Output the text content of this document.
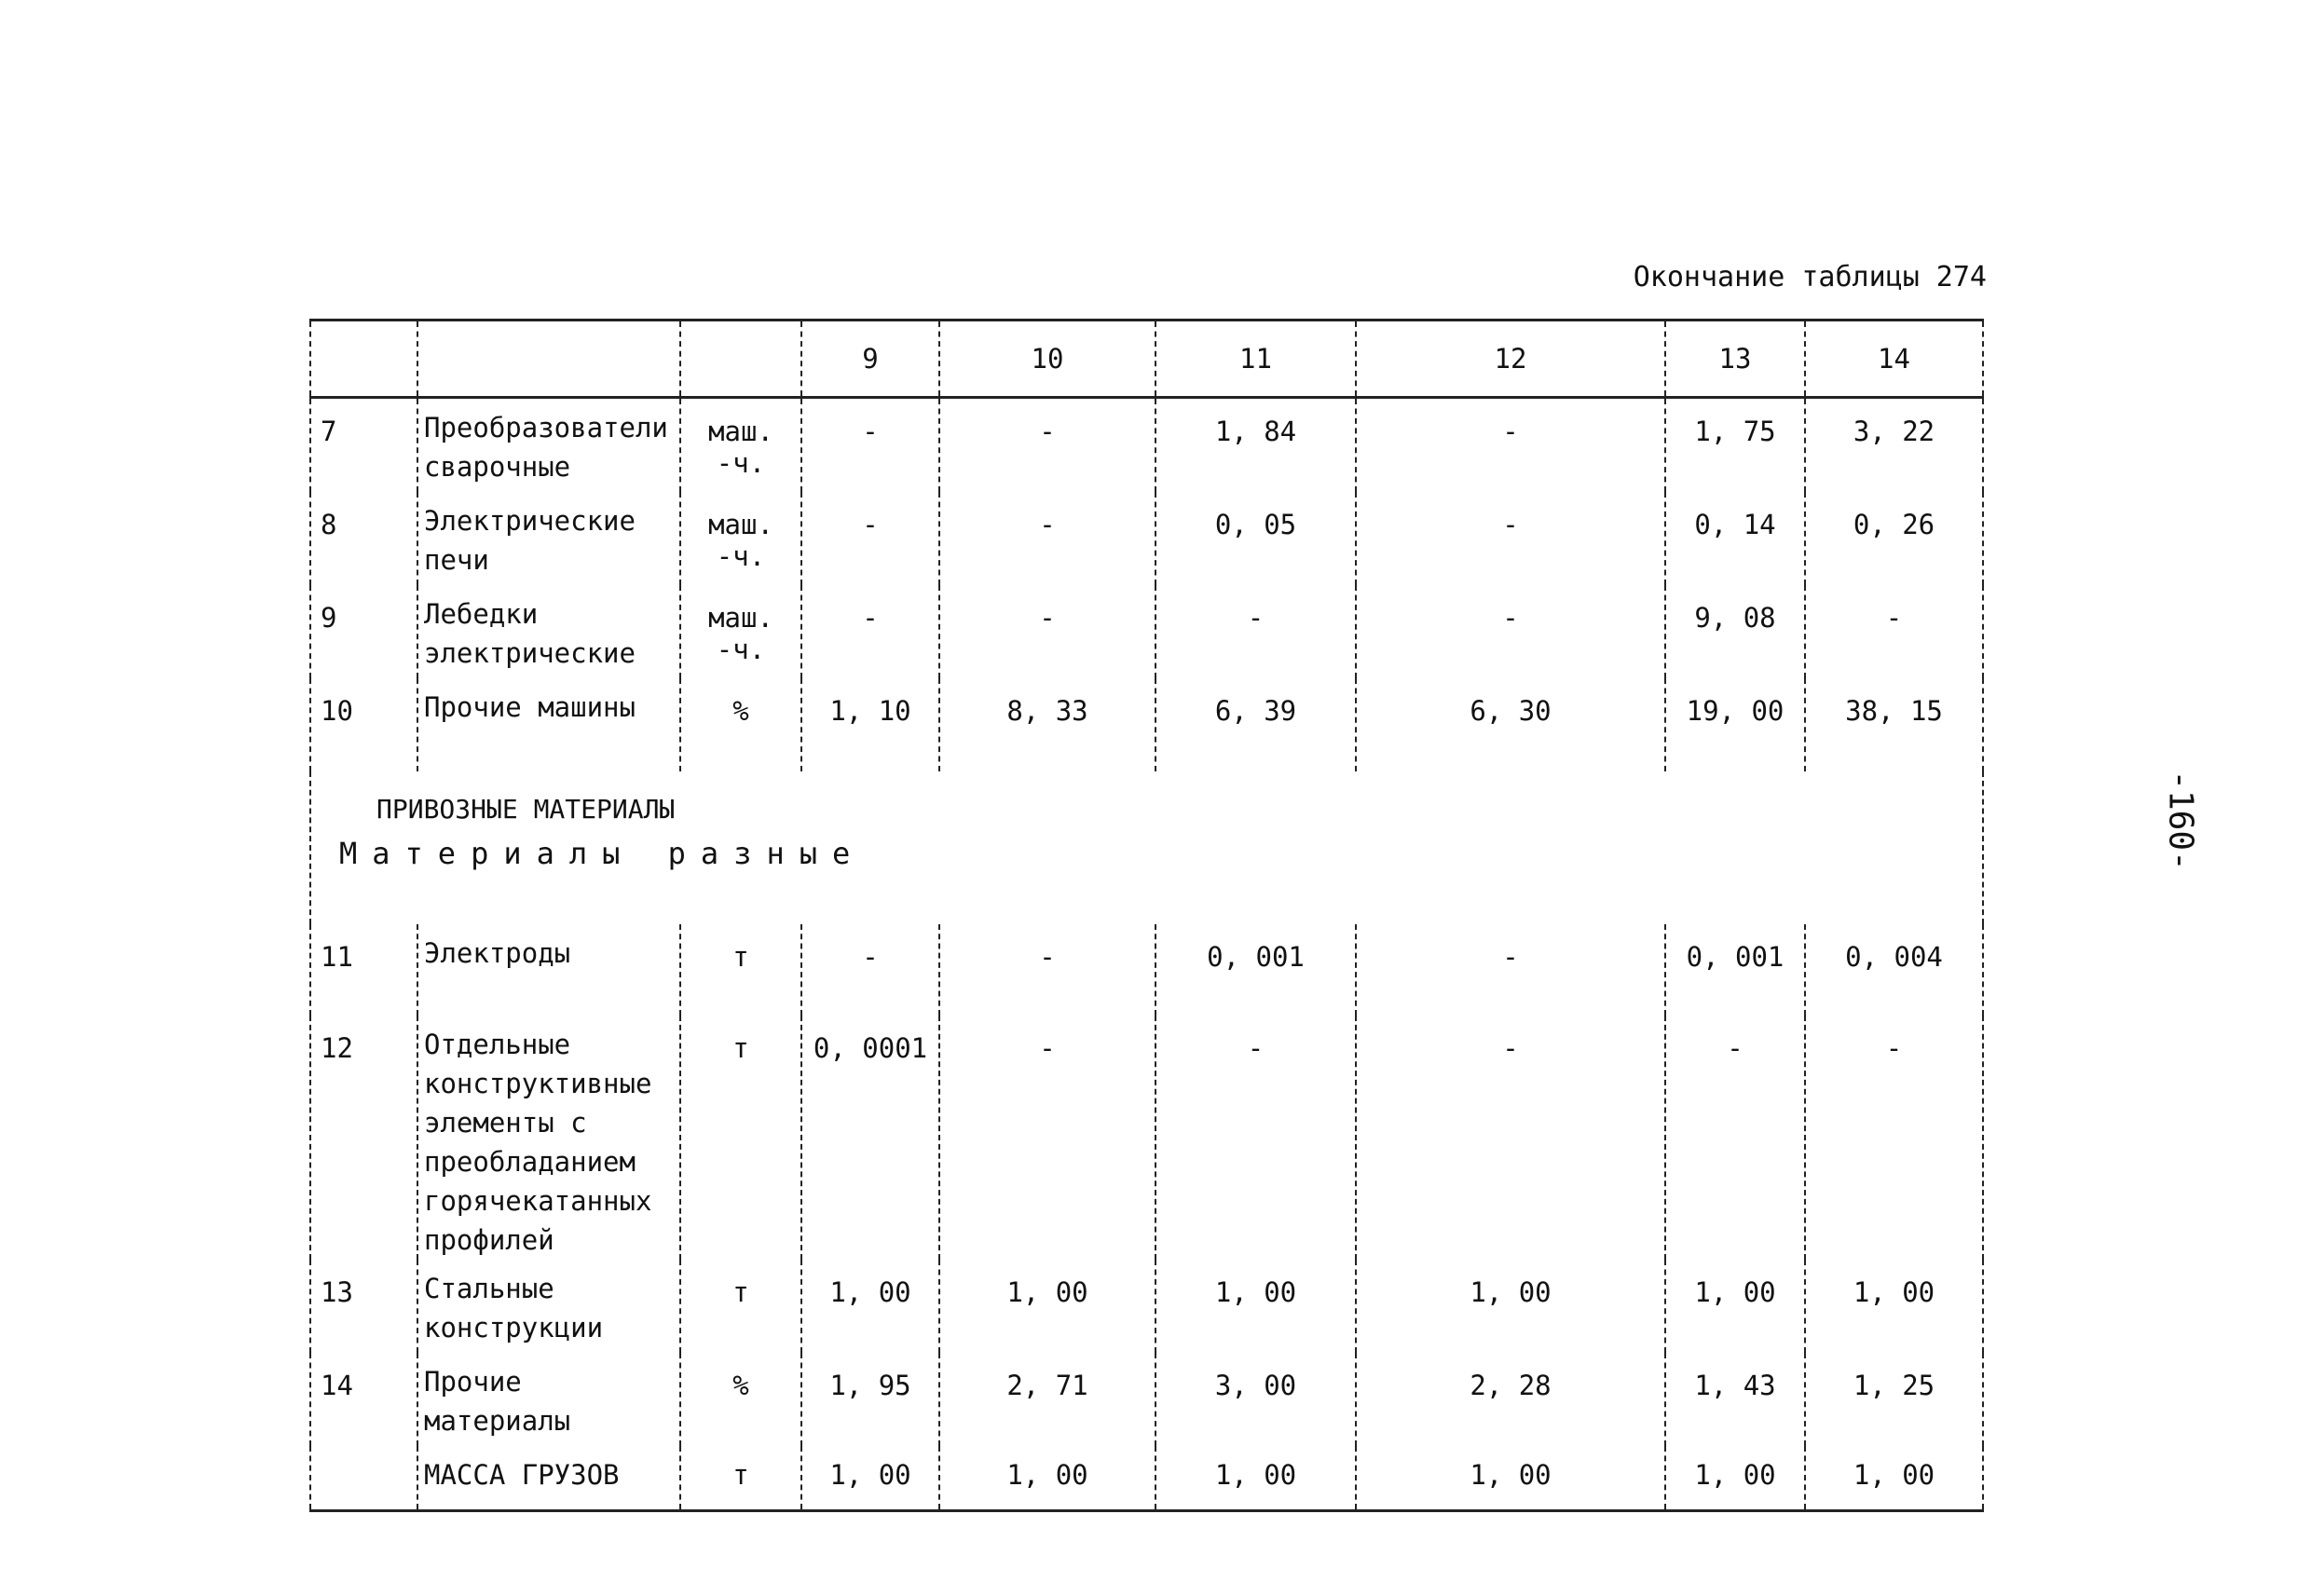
Окончание таблицы 274
-160-
			9	10	11	12	13	14
7	Преобразователи сварочные	маш. -ч.	-	-	1, 84	-	1, 75	3, 22
8	Электрические печи	маш. -ч.	-	-	0, 05	-	0, 14	0, 26
9	Лебедки электрические	маш. -ч.	-	-	-	-	9, 08	-
10	Прочие машины	%	1, 10	8, 33	6, 39	6, 30	19, 00	38, 15

ПРИВОЗНЫЕ МАТЕРИАЛЫ
Материалы разные								

11	Электроды	т	-	-	0, 001	-	0, 001	0, 004
12	Отдельные конструктивные элементы с преобладанием горячекатанных профилей	т	0, 0001	-	-	-	-	-
13	Стальные конструкции	т	1, 00	1, 00	1, 00	1, 00	1, 00	1, 00
14	Прочие материалы	%	1, 95	2, 71	3, 00	2, 28	1, 43	1, 25
	МАССА ГРУЗОВ	т	1, 00	1, 00	1, 00	1, 00	1, 00	1, 00
